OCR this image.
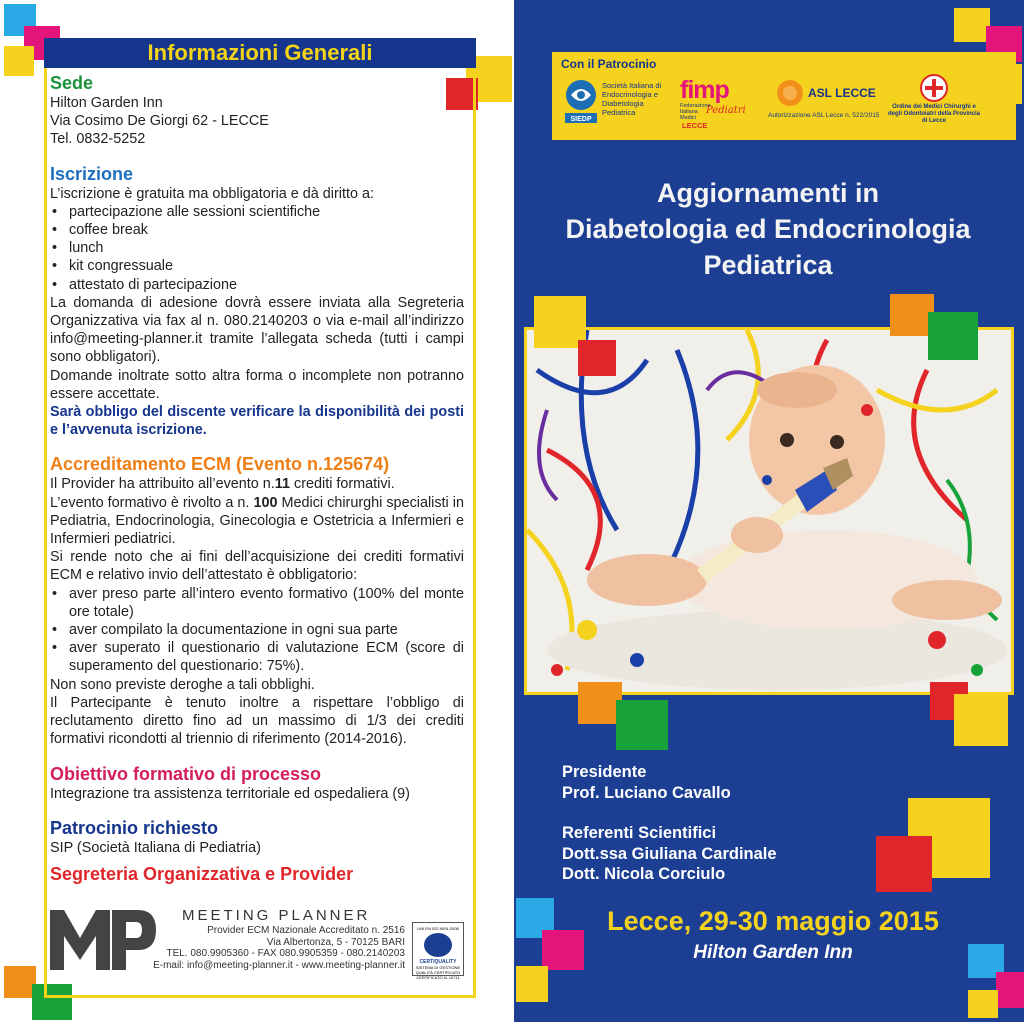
Informazioni Generali
Sede
Hilton Garden Inn
Via Cosimo De Giorgi 62 - LECCE
Tel. 0832-5252
Iscrizione
L’iscrizione è gratuita ma obbligatoria e dà diritto a:
• partecipazione alle sessioni scientifiche
• coffee break
• lunch
• kit congressuale
• attestato di partecipazione
La domanda di adesione dovrà essere inviata alla Segreteria Organizzativa via fax al n. 080.2140203 o via e-mail all’indirizzo info@meeting-planner.it tramite l’allegata scheda (tutti i campi sono obbligatori).
Domande inoltrate sotto altra forma o incomplete non potranno essere accettate.
Sarà obbligo del discente verificare la disponibilità dei posti e l’avvenuta iscrizione.
Accreditamento ECM (Evento n.125674)
Il Provider ha attribuito all’evento n.11 crediti formativi.
L’evento formativo è rivolto a n. 100 Medici chirurghi specialisti in Pediatria, Endocrinologia, Ginecologia e Ostetricia a Infermieri e Infermieri pediatrici.
Si rende noto che ai fini dell’acquisizione dei crediti formativi ECM e relativo invio dell’attestato è obbligatorio:
• aver preso parte all’intero evento formativo (100% del monte ore totale)
• aver compilato la documentazione in ogni sua parte
• aver superato il questionario di valutazione ECM (score di superamento del questionario: 75%).
Non sono previste deroghe a tali obblighi.
Il Partecipante è tenuto inoltre a rispettare l’obbligo di reclutamento diretto fino ad un massimo di 1/3 dei crediti formativi ricondotti al triennio di riferimento (2014-2016).
Obiettivo formativo di processo
Integrazione tra assistenza territoriale ed ospedaliera (9)
Patrocinio richiesto
SIP (Società Italiana di Pediatria)
Segreteria Organizzativa e Provider
® MEETING PLANNER
Provider ECM Nazionale Accreditato n. 2516
Via Albertonza, 5 - 70125 BARI
TEL. 080.9905360 - FAX 080.9905359 - 080.2140203
E-mail: info@meeting-planner.it - www.meeting-planner.it
UNI EN ISO 9001:2008
CERTIQUALITY
SISTEMA DI GESTIONE QUALITÀ CERTIFICATO
CERTIFICATO N. 16711
Con il Patrocinio
SIEDP
Società Italiana di Endocrinologia e Diabetologia Pediatrica
fimp
Federazione Italiana Medici
Pediatri
LECCE
ASL LECCE
Autorizzazione ASL Lecce n. 522/2015
Ordine dei Medici Chirurghi e degli Odontoiatri della Provincia di Lecce
Aggiornamenti in
Diabetologia ed Endocrinologia
Pediatrica
Presidente
Prof. Luciano Cavallo
Referenti Scientifici
Dott.ssa Giuliana Cardinale
Dott. Nicola Corciulo
Lecce, 29-30 maggio 2015
Hilton Garden Inn
